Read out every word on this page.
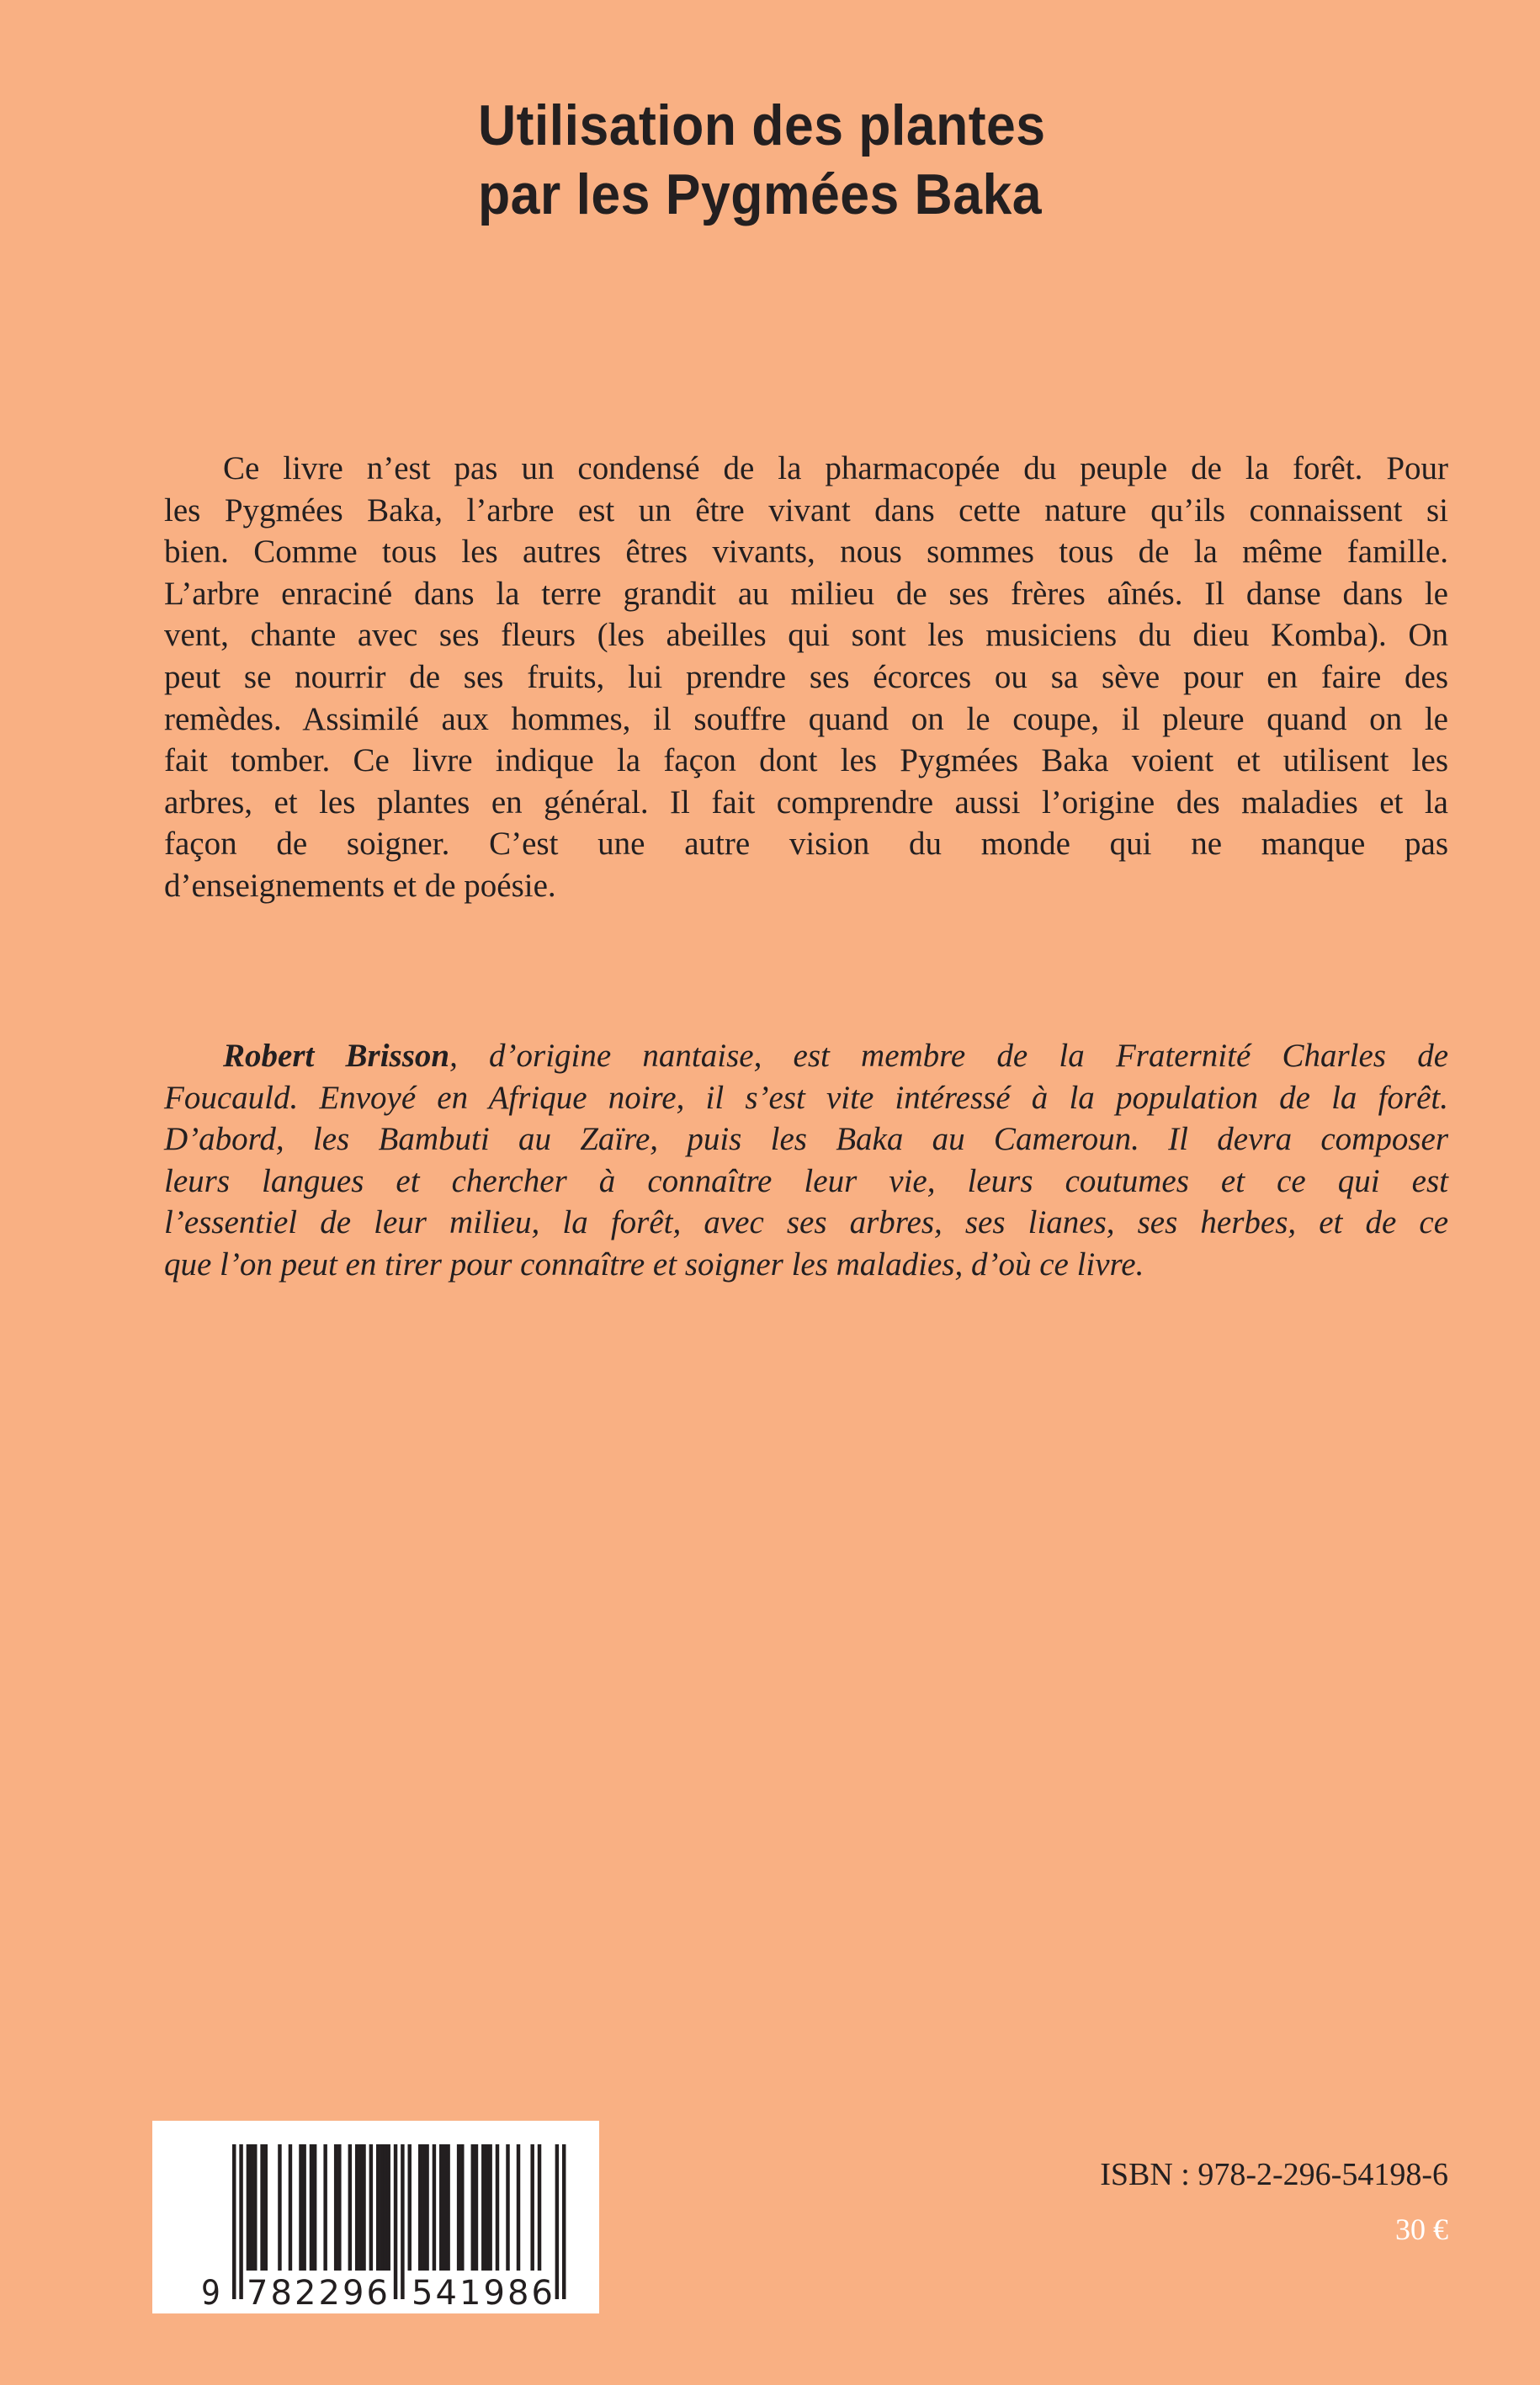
Utilisation des plantes
par les Pygmées Baka
Ce livre n’est pas un condensé de la pharmacopée du peuple de la forêt. Pour
les Pygmées Baka, l’arbre est un être vivant dans cette nature qu’ils connaissent si
bien. Comme tous les autres êtres vivants, nous sommes tous de la même famille.
L’arbre enraciné dans la terre grandit au milieu de ses frères aînés. Il danse dans le
vent, chante avec ses fleurs (les abeilles qui sont les musiciens du dieu Komba). On
peut se nourrir de ses fruits, lui prendre ses écorces ou sa sève pour en faire des
remèdes. Assimilé aux hommes, il souffre quand on le coupe, il pleure quand on le
fait tomber. Ce livre indique la façon dont les Pygmées Baka voient et utilisent les
arbres, et les plantes en général. Il fait comprendre aussi l’origine des maladies et la
façon de soigner. C’est une autre vision du monde qui ne manque pas
d’enseignements et de poésie.
Robert Brisson, d’origine nantaise, est membre de la Fraternité Charles de
Foucauld. Envoyé en Afrique noire, il s’est vite intéressé à la population de la forêt.
D’abord, les Bambuti au Zaïre, puis les Baka au Cameroun. Il devra composer
leurs langues et chercher à connaître leur vie, leurs coutumes et ce qui est
l’essentiel de leur milieu, la forêt, avec ses arbres, ses lianes, ses herbes, et de ce
que l’on peut en tirer pour connaître et soigner les maladies, d’où ce livre.
9 782296 541986
ISBN : 978-2-296-54198-6
30 €
